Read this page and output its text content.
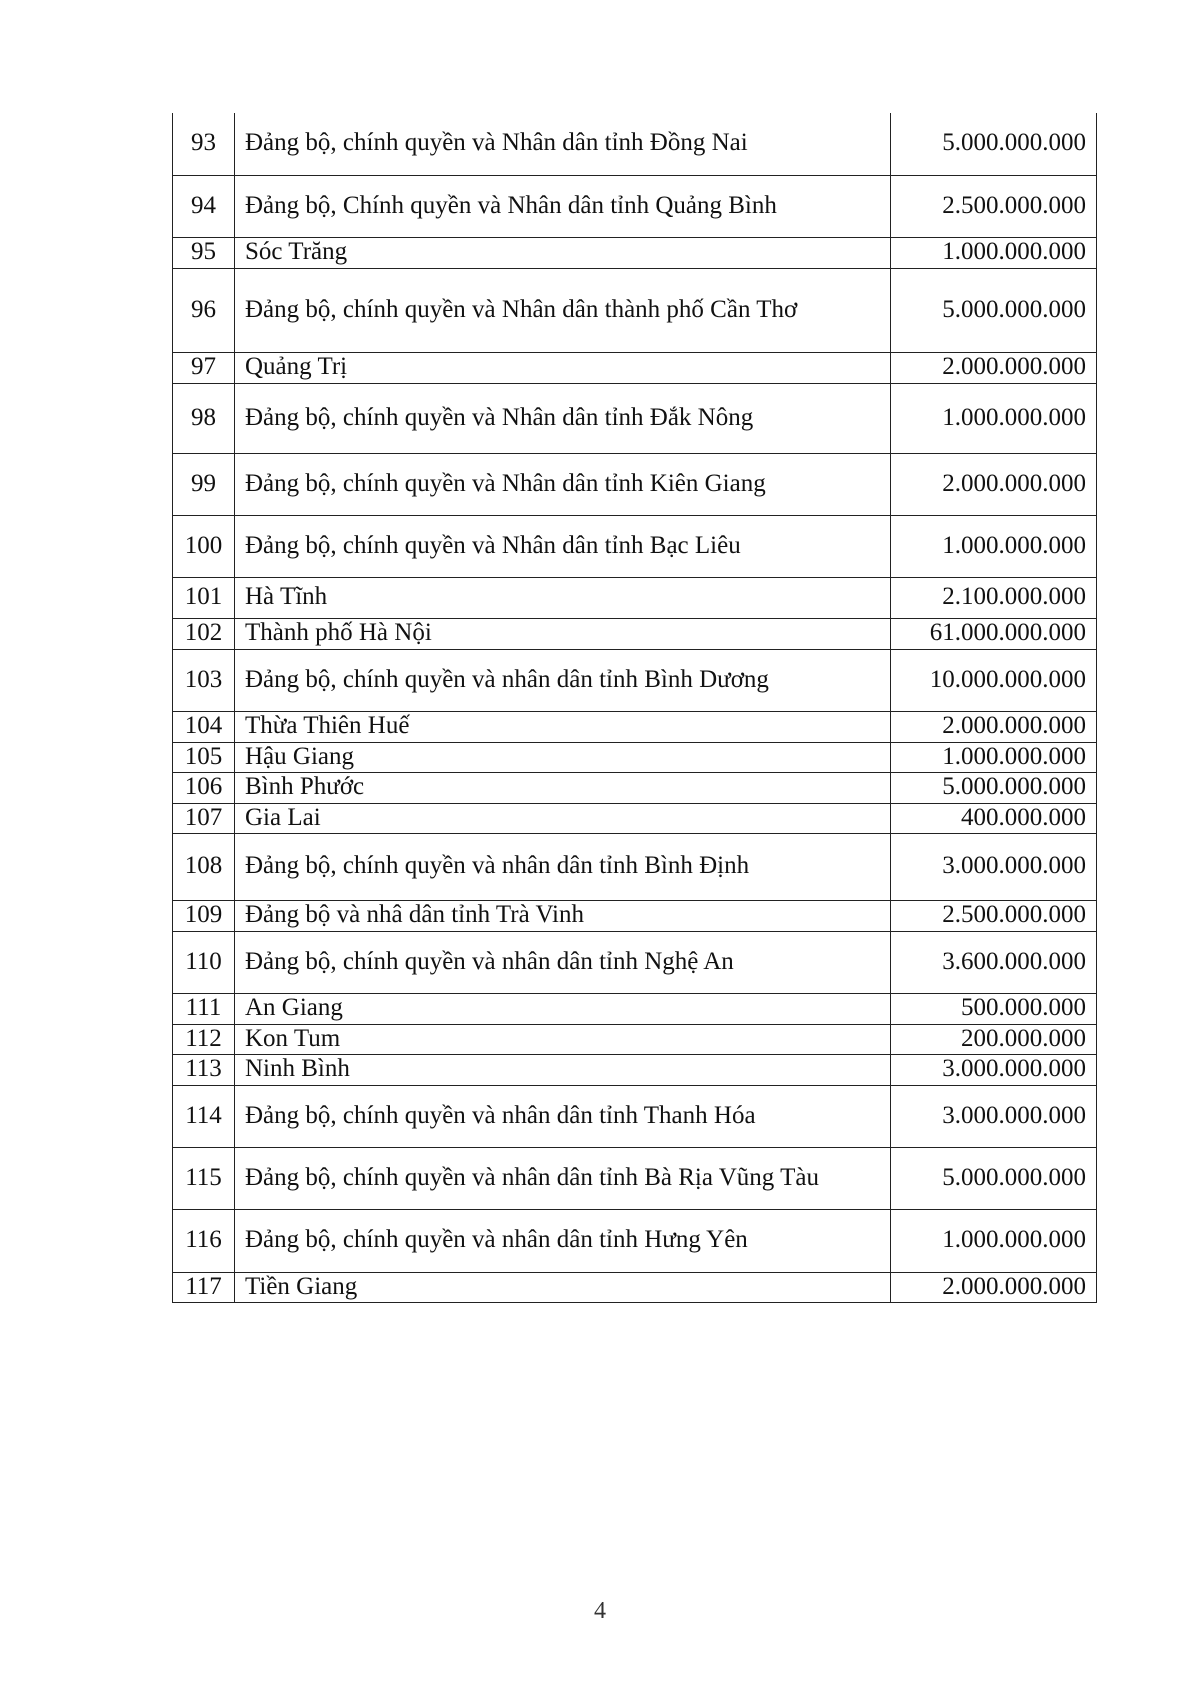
93	Đảng bộ, chính quyền và Nhân dân tỉnh Đồng Nai	5.000.000.000
94	Đảng bộ, Chính quyền và Nhân dân tỉnh Quảng Bình	2.500.000.000
95	Sóc Trăng	1.000.000.000
96	Đảng bộ, chính quyền và Nhân dân thành phố Cần Thơ	5.000.000.000
97	Quảng Trị	2.000.000.000
98	Đảng bộ, chính quyền và Nhân dân tỉnh Đắk Nông	1.000.000.000
99	Đảng bộ, chính quyền và Nhân dân tỉnh Kiên Giang	2.000.000.000
100	Đảng bộ, chính quyền và Nhân dân tỉnh Bạc Liêu	1.000.000.000
101	Hà Tĩnh	2.100.000.000
102	Thành phố Hà Nội	61.000.000.000
103	Đảng bộ, chính quyền và nhân dân tỉnh Bình Dương	10.000.000.000
104	Thừa Thiên Huế	2.000.000.000
105	Hậu Giang	1.000.000.000
106	Bình Phước	5.000.000.000
107	Gia Lai	400.000.000
108	Đảng bộ, chính quyền và nhân dân tỉnh Bình Định	3.000.000.000
109	Đảng bộ và nhâ dân tỉnh Trà Vinh	2.500.000.000
110	Đảng bộ, chính quyền và nhân dân tỉnh Nghệ An	3.600.000.000
111	An Giang	500.000.000
112	Kon Tum	200.000.000
113	Ninh Bình	3.000.000.000
114	Đảng bộ, chính quyền và nhân dân tỉnh Thanh Hóa	3.000.000.000
115	Đảng bộ, chính quyền và nhân dân tỉnh Bà Rịa Vũng Tàu	5.000.000.000
116	Đảng bộ, chính quyền và nhân dân tỉnh Hưng Yên	1.000.000.000
117	Tiền Giang	2.000.000.000
4
